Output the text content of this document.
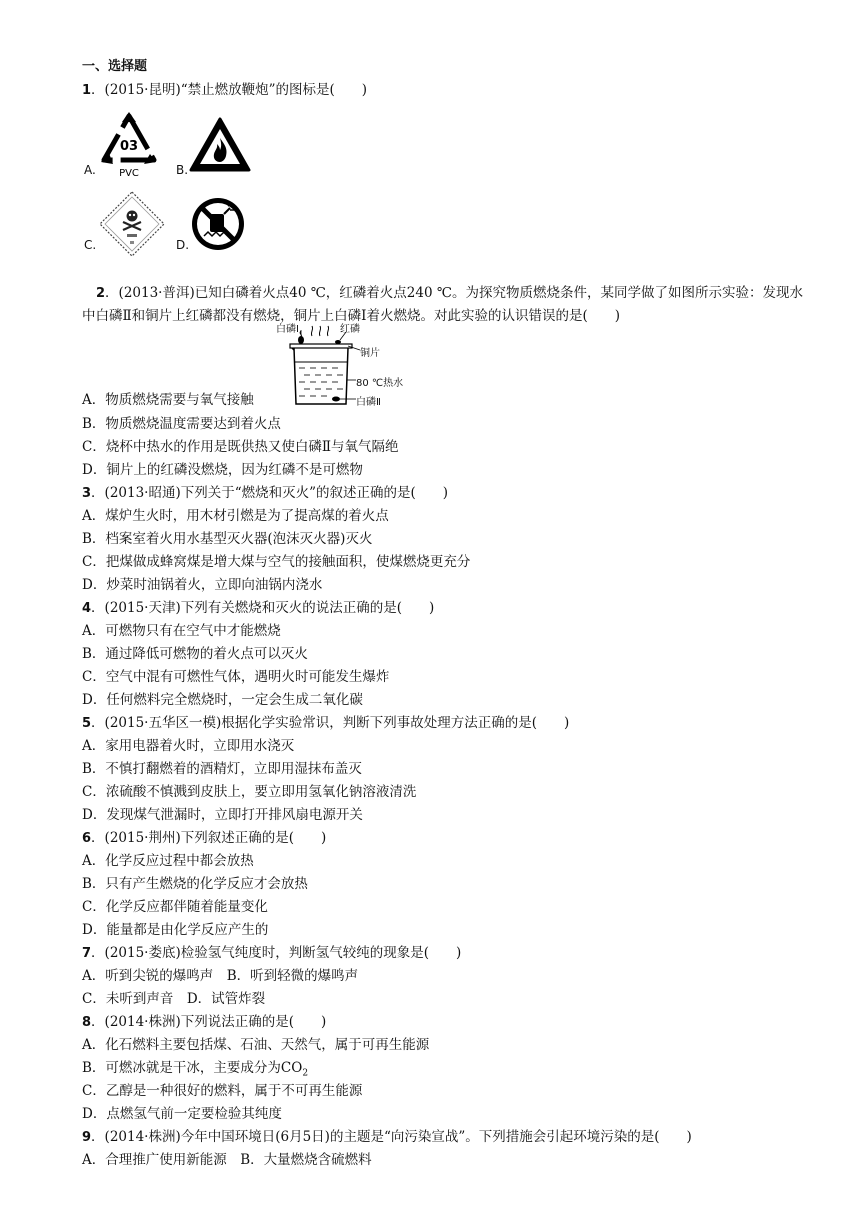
一、选择题
1．(2015·昆明)“禁止燃放鞭炮”的图标是(　　)
A.
03
PVC	B.
C.	D.
2．(2013·普洱)已知白磷着火点40 ℃，红磷着火点240 ℃。为探究物质燃烧条件，某同学做了如图所示实验：发现水中白磷Ⅱ和铜片上红磷都没有燃烧，铜片上白磷Ⅰ着火燃烧。对此实验的认识错误的是(　　)
白磷Ⅰ	红磷
铜片
80 ℃热水
白磷Ⅱ
A．物质燃烧需要与氧气接触
B．物质燃烧温度需要达到着火点
C．烧杯中热水的作用是既供热又使白磷Ⅱ与氧气隔绝
D．铜片上的红磷没燃烧，因为红磷不是可燃物
3．(2013·昭通)下列关于“燃烧和灭火”的叙述正确的是(　　)
A．煤炉生火时，用木材引燃是为了提高煤的着火点
B．档案室着火用水基型灭火器(泡沫灭火器)灭火
C．把煤做成蜂窝煤是增大煤与空气的接触面积，使煤燃烧更充分
D．炒菜时油锅着火，立即向油锅内浇水
4．(2015·天津)下列有关燃烧和灭火的说法正确的是(　　)
A．可燃物只有在空气中才能燃烧
B．通过降低可燃物的着火点可以灭火
C．空气中混有可燃性气体，遇明火时可能发生爆炸
D．任何燃料完全燃烧时，一定会生成二氧化碳
5．(2015·五华区一模)根据化学实验常识，判断下列事故处理方法正确的是(　　)
A．家用电器着火时，立即用水浇灭
B．不慎打翻燃着的酒精灯，立即用湿抹布盖灭
C．浓硫酸不慎溅到皮肤上，要立即用氢氧化钠溶液清洗
D．发现煤气泄漏时，立即打开排风扇电源开关
6．(2015·荆州)下列叙述正确的是(　　)
A．化学反应过程中都会放热
B．只有产生燃烧的化学反应才会放热
C．化学反应都伴随着能量变化
D．能量都是由化学反应产生的
7．(2015·娄底)检验氢气纯度时，判断氢气较纯的现象是(　　)
A．听到尖锐的爆鸣声　B．听到轻微的爆鸣声
C．未听到声音　D．试管炸裂
8．(2014·株洲)下列说法正确的是(　　)
A．化石燃料主要包括煤、石油、天然气，属于可再生能源
B．可燃冰就是干冰，主要成分为$CO_2$
C．乙醇是一种很好的燃料，属于不可再生能源
D．点燃氢气前一定要检验其纯度
9．(2014·株洲)今年中国环境日(6月5日)的主题是“向污染宣战”。下列措施会引起环境污染的是(　　)
A．合理推广使用新能源　B．大量燃烧含硫燃料
